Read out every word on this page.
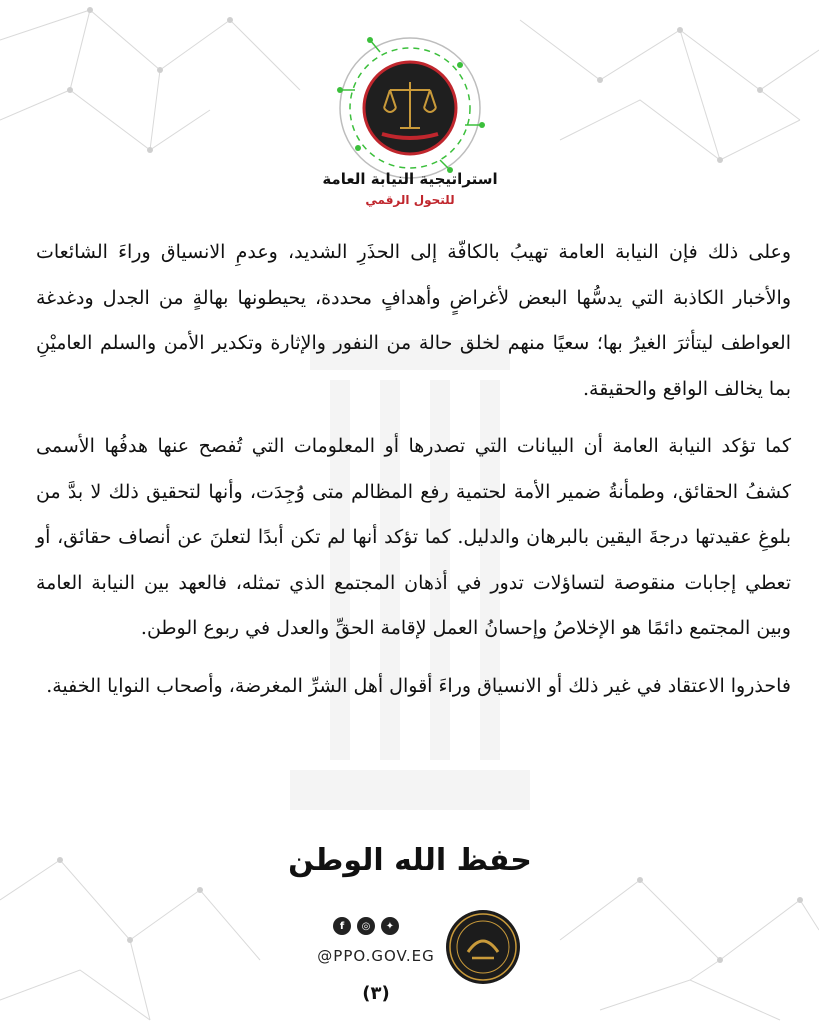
استراتيجية النيابة العامة
للتحول الرقمي

وعلى ذلك فإن النيابة العامة تهيبُ بالكافّة إلى الحذَرِ الشديد، وعدمِ الانسياق وراءَ الشائعات والأخبار الكاذبة التي يدسُّها البعض لأغراضٍ وأهدافٍ محددة، يحيطونها بهالةٍ من الجدل ودغدغة العواطف ليتأثرَ الغيرُ بها؛ سعيًا منهم لخلق حالة من النفور والإثارة وتكدير الأمن والسلم العاميْنِ بما يخالف الواقع والحقيقة.

كما تؤكد النيابة العامة أن البيانات التي تصدرها أو المعلومات التي تُفصح عنها هدفُها الأسمى كشفُ الحقائق، وطمأنةُ ضمير الأمة لحتمية رفع المظالم متى وُجِدَت، وأنها لتحقيق ذلك لا بدَّ من بلوغِ عقيدتها درجةَ اليقين بالبرهان والدليل. كما تؤكد أنها لم تكن أبدًا لتعلنَ عن أنصاف حقائق، أو تعطي إجابات منقوصة لتساؤلات تدور في أذهان المجتمع الذي تمثله، فالعهد بين النيابة العامة وبين المجتمع دائمًا هو الإخلاصُ وإحسانُ العمل لإقامة الحقِّ والعدل في ربوع الوطن.

فاحذروا الاعتقاد في غير ذلك أو الانسياق وراءَ أقوال أهل الشرِّ المغرضة، وأصحاب النوايا الخفية.

حفظ الله الوطن
f	◎	✦
@PPO.GOV.EG
(٣)
